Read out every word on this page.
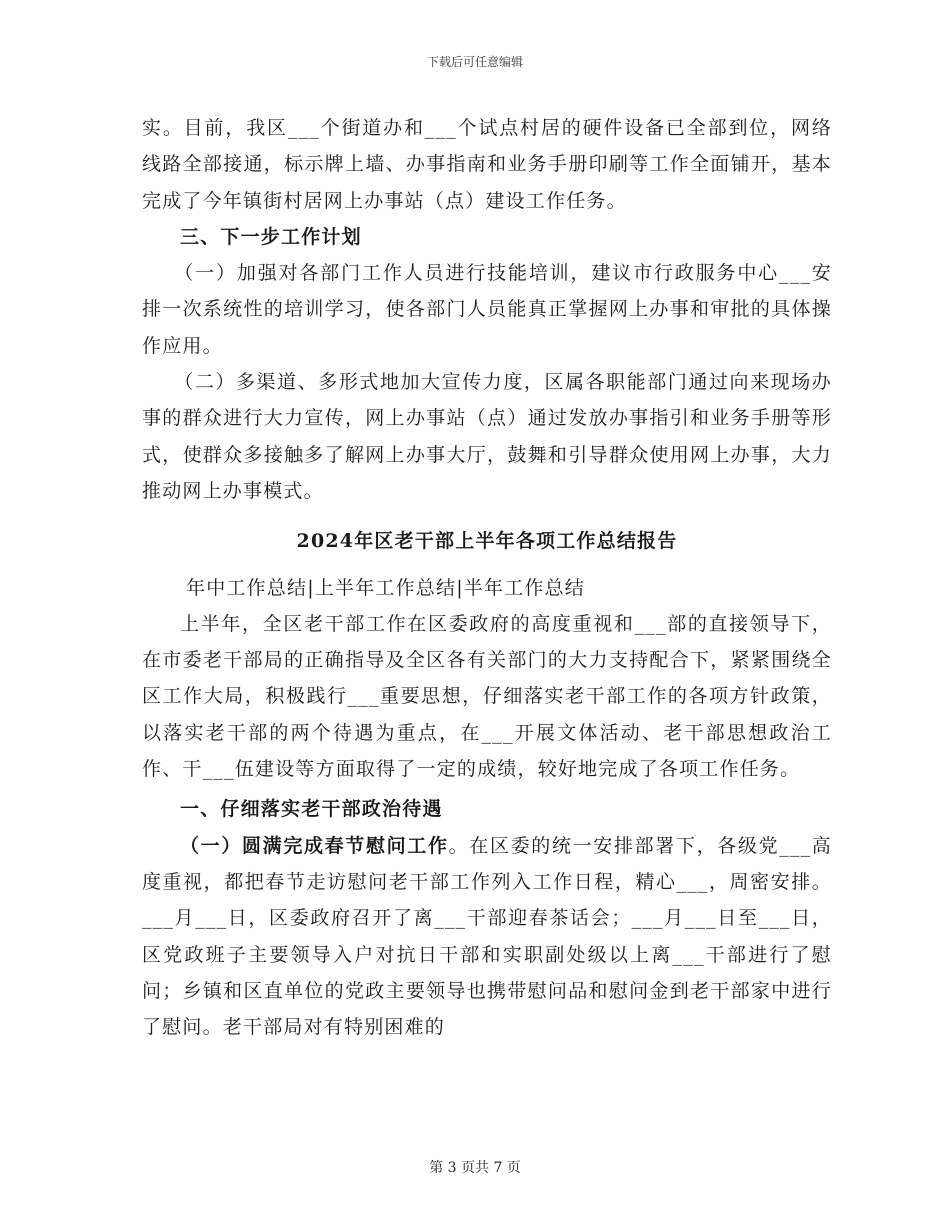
下载后可任意编辑

实。目前，我区___个街道办和___个试点村居的硬件设备已全部到位，网络线路全部接通，标示牌上墙、办事指南和业务手册印刷等工作全面铺开，基本完成了今年镇街村居网上办事站（点）建设工作任务。

三、下一步工作计划

（一）加强对各部门工作人员进行技能培训，建议市行政服务中心___安排一次系统性的培训学习，使各部门人员能真正掌握网上办事和审批的具体操作应用。

（二）多渠道、多形式地加大宣传力度，区属各职能部门通过向来现场办事的群众进行大力宣传，网上办事站（点）通过发放办事指引和业务手册等形式，使群众多接触多了解网上办事大厅，鼓舞和引导群众使用网上办事，大力推动网上办事模式。

2024年区老干部上半年各项工作总结报告

年中工作总结|上半年工作总结|半年工作总结

上半年，全区老干部工作在区委政府的高度重视和___部的直接领导下，在市委老干部局的正确指导及全区各有关部门的大力支持配合下，紧紧围绕全区工作大局，积极践行___重要思想，仔细落实老干部工作的各项方针政策，以落实老干部的两个待遇为重点，在___开展文体活动、老干部思想政治工作、干___伍建设等方面取得了一定的成绩，较好地完成了各项工作任务。

一、仔细落实老干部政治待遇

（一）圆满完成春节慰问工作。在区委的统一安排部署下，各级党___高度重视，都把春节走访慰问老干部工作列入工作日程，精心___，周密安排。___月___日，区委政府召开了离___干部迎春茶话会；___月___日至___日，区党政班子主要领导入户对抗日干部和实职副处级以上离___干部进行了慰问；乡镇和区直单位的党政主要领导也携带慰问品和慰问金到老干部家中进行了慰问。老干部局对有特别困难的

第 3 页共 7 页
